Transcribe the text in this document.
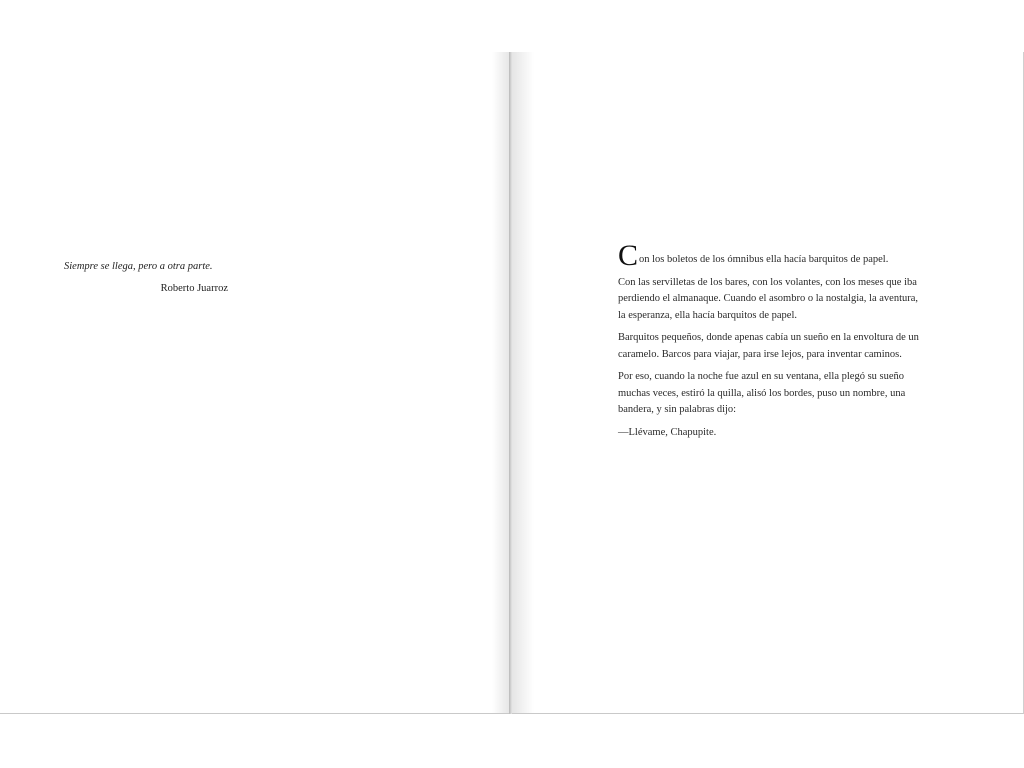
Siempre se llega, pero a otra parte.
Roberto Juarroz

Con los boletos de los ómnibus ella hacía barquitos de papel.

Con las servilletas de los bares, con los volantes, con los meses que iba perdiendo el almanaque. Cuando el asombro o la nostalgia, la aventura, la esperanza, ella hacía barquitos de papel.

Barquitos pequeños, donde apenas cabía un sueño en la envoltura de un caramelo. Barcos para viajar, para irse lejos, para inventar caminos.

Por eso, cuando la noche fue azul en su ventana, ella plegó su sueño muchas veces, estiró la quilla, alisó los bordes, puso un nombre, una bandera, y sin palabras dijo:

—Llévame, Chapupite.
